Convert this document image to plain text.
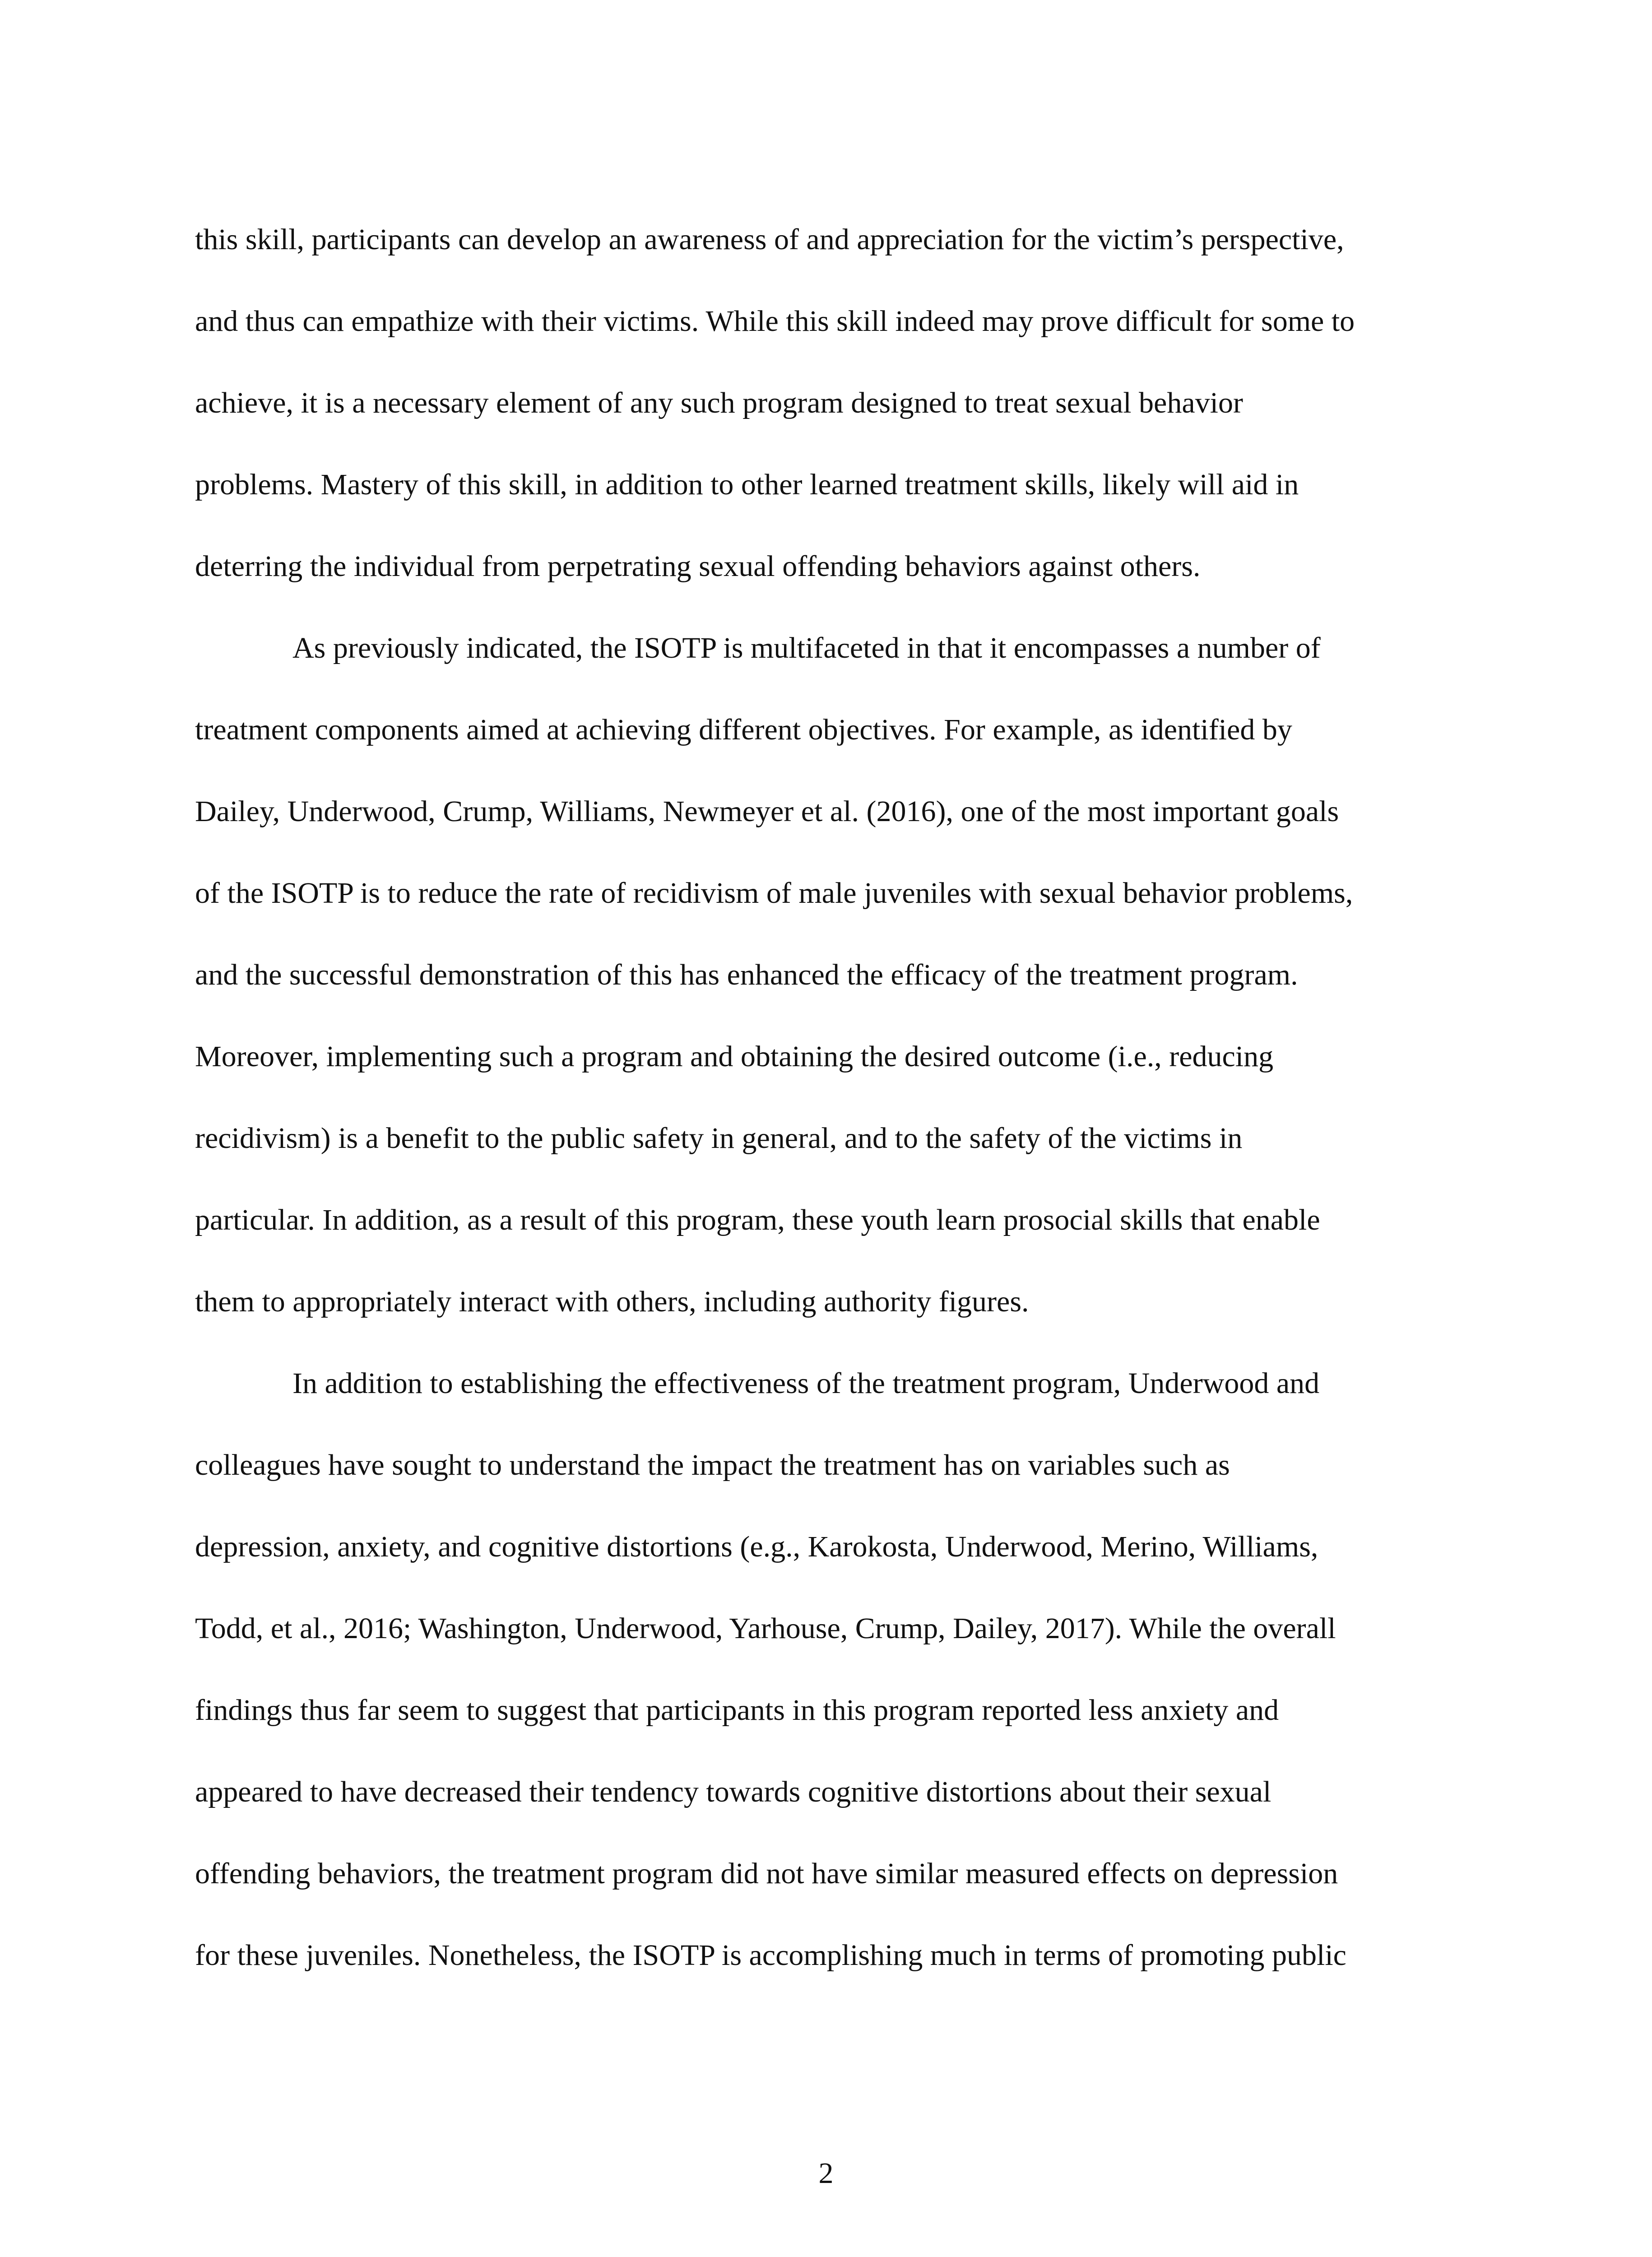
this skill, participants can develop an awareness of and appreciation for the victim’s perspective,
and thus can empathize with their victims. While this skill indeed may prove difficult for some to
achieve, it is a necessary element of any such program designed to treat sexual behavior
problems. Mastery of this skill, in addition to other learned treatment skills, likely will aid in
deterring the individual from perpetrating sexual offending behaviors against others.
As previously indicated, the ISOTP is multifaceted in that it encompasses a number of
treatment components aimed at achieving different objectives. For example, as identified by
Dailey, Underwood, Crump, Williams, Newmeyer et al. (2016), one of the most important goals
of the ISOTP is to reduce the rate of recidivism of male juveniles with sexual behavior problems,
and the successful demonstration of this has enhanced the efficacy of the treatment program.
Moreover, implementing such a program and obtaining the desired outcome (i.e., reducing
recidivism) is a benefit to the public safety in general, and to the safety of the victims in
particular. In addition, as a result of this program, these youth learn prosocial skills that enable
them to appropriately interact with others, including authority figures.
In addition to establishing the effectiveness of the treatment program, Underwood and
colleagues have sought to understand the impact the treatment has on variables such as
depression, anxiety, and cognitive distortions (e.g., Karokosta, Underwood, Merino, Williams,
Todd, et al., 2016; Washington, Underwood, Yarhouse, Crump, Dailey, 2017). While the overall
findings thus far seem to suggest that participants in this program reported less anxiety and
appeared to have decreased their tendency towards cognitive distortions about their sexual
offending behaviors, the treatment program did not have similar measured effects on depression
for these juveniles. Nonetheless, the ISOTP is accomplishing much in terms of promoting public
2
